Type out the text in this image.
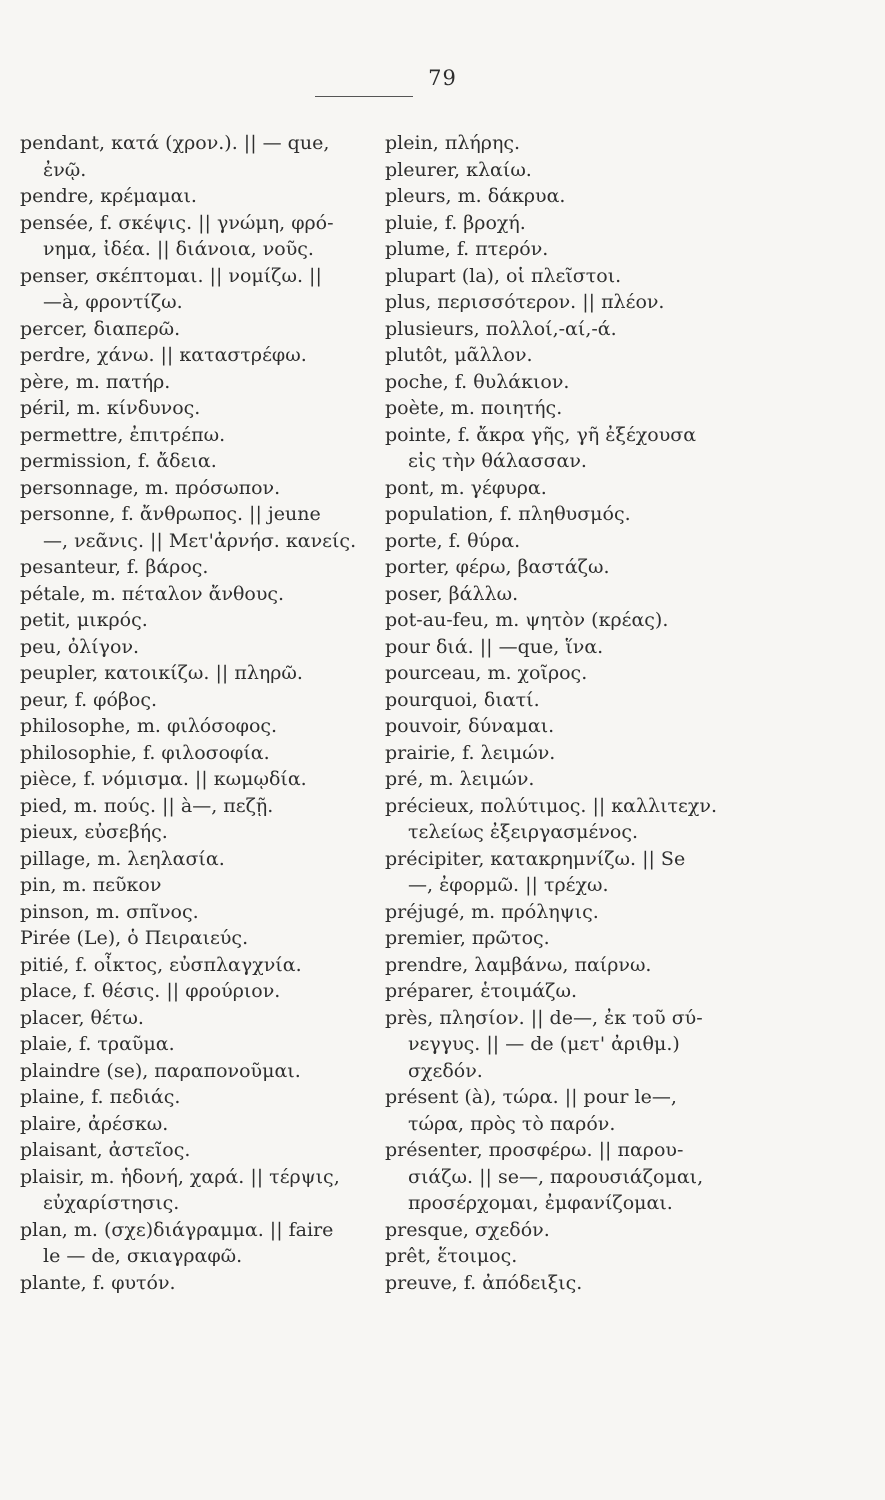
79
pendant, κατά (χρον.). || — que,
ἐνῷ.
pendre, κρέμαμαι.
pensée, f. σκέψις. || γνώμη, φρό-
νημα, ἰδέα. || διάνοια, νοῦς.
penser, σκέπτομαι. || νομίζω. ||
—à, φροντίζω.
percer, διαπερῶ.
perdre, χάνω. || καταστρέφω.
père, m. πατήρ.
péril, m. κίνδυνος.
permettre, ἐπιτρέπω.
permission, f. ἄδεια.
personnage, m. πρόσωπον.
personne, f. ἄνθρωπος. || jeune
—, νεᾶνις. || Μετ'ἀρνήσ. κανείς.
pesanteur, f. βάρος.
pétale, m. πέταλον ἄνθους.
petit, μικρός.
peu, ὀλίγον.
peupler, κατοικίζω. || πληρῶ.
peur, f. φόβος.
philosophe, m. φιλόσοφος.
philosophie, f. φιλοσοφία.
pièce, f. νόμισμα. || κωμῳδία.
pied, m. πούς. || à—, πεζῇ.
pieux, εὐσεβής.
pillage, m. λεηλασία.
pin, m. πεῦκον
pinson, m. σπῖνος.
Pirée (Le), ὁ Πειραιεύς.
pitié, f. οἶκτος, εὐσπλαγχνία.
place, f. θέσις. || φρούριον.
placer, θέτω.
plaie, f. τραῦμα.
plaindre (se), παραπονοῦμαι.
plaine, f. πεδιάς.
plaire, ἀρέσκω.
plaisant, ἀστεῖος.
plaisir, m. ἡδονή, χαρά. || τέρψις,
εὐχαρίστησις.
plan, m. (σχε)διάγραμμα. || faire
le — de, σκιαγραφῶ.
plante, f. φυτόν.
plein, πλήρης.
pleurer, κλαίω.
pleurs, m. δάκρυα.
pluie, f. βροχή.
plume, f. πτερόν.
plupart (la), οἱ πλεῖστοι.
plus, περισσότερον. || πλέον.
plusieurs, πολλοί,-αί,-ά.
plutôt, μᾶλλον.
poche, f. θυλάκιον.
poète, m. ποιητής.
pointe, f. ἄκρα γῆς, γῆ ἐξέχουσα
εἰς τὴν θάλασσαν.
pont, m. γέφυρα.
population, f. πληθυσμός.
porte, f. θύρα.
porter, φέρω, βαστάζω.
poser, βάλλω.
pot-au-feu, m. ψητὸν (κρέας).
pour διά. || —que, ἵνα.
pourceau, m. χοῖρος.
pourquoi, διατί.
pouvoir, δύναμαι.
prairie, f. λειμών.
pré, m. λειμών.
précieux, πολύτιμος. || καλλιτεχν.
τελείως ἐξειργασμένος.
précipiter, κατακρημνίζω. || Se
—, ἐφορμῶ. || τρέχω.
préjugé, m. πρόληψις.
premier, πρῶτος.
prendre, λαμβάνω, παίρνω.
préparer, ἑτοιμάζω.
près, πλησίον. || de—, ἐκ τοῦ σύ-
νεγγυς. || — de (μετ' ἀριθμ.)
σχεδόν.
présent (à), τώρα. || pour le—,
τώρα, πρὸς τὸ παρόν.
présenter, προσφέρω. || παρου-
σιάζω. || se—, παρουσιάζομαι,
προσέρχομαι, ἐμφανίζομαι.
presque, σχεδόν.
prêt, ἕτοιμος.
preuve, f. ἀπόδειξις.
